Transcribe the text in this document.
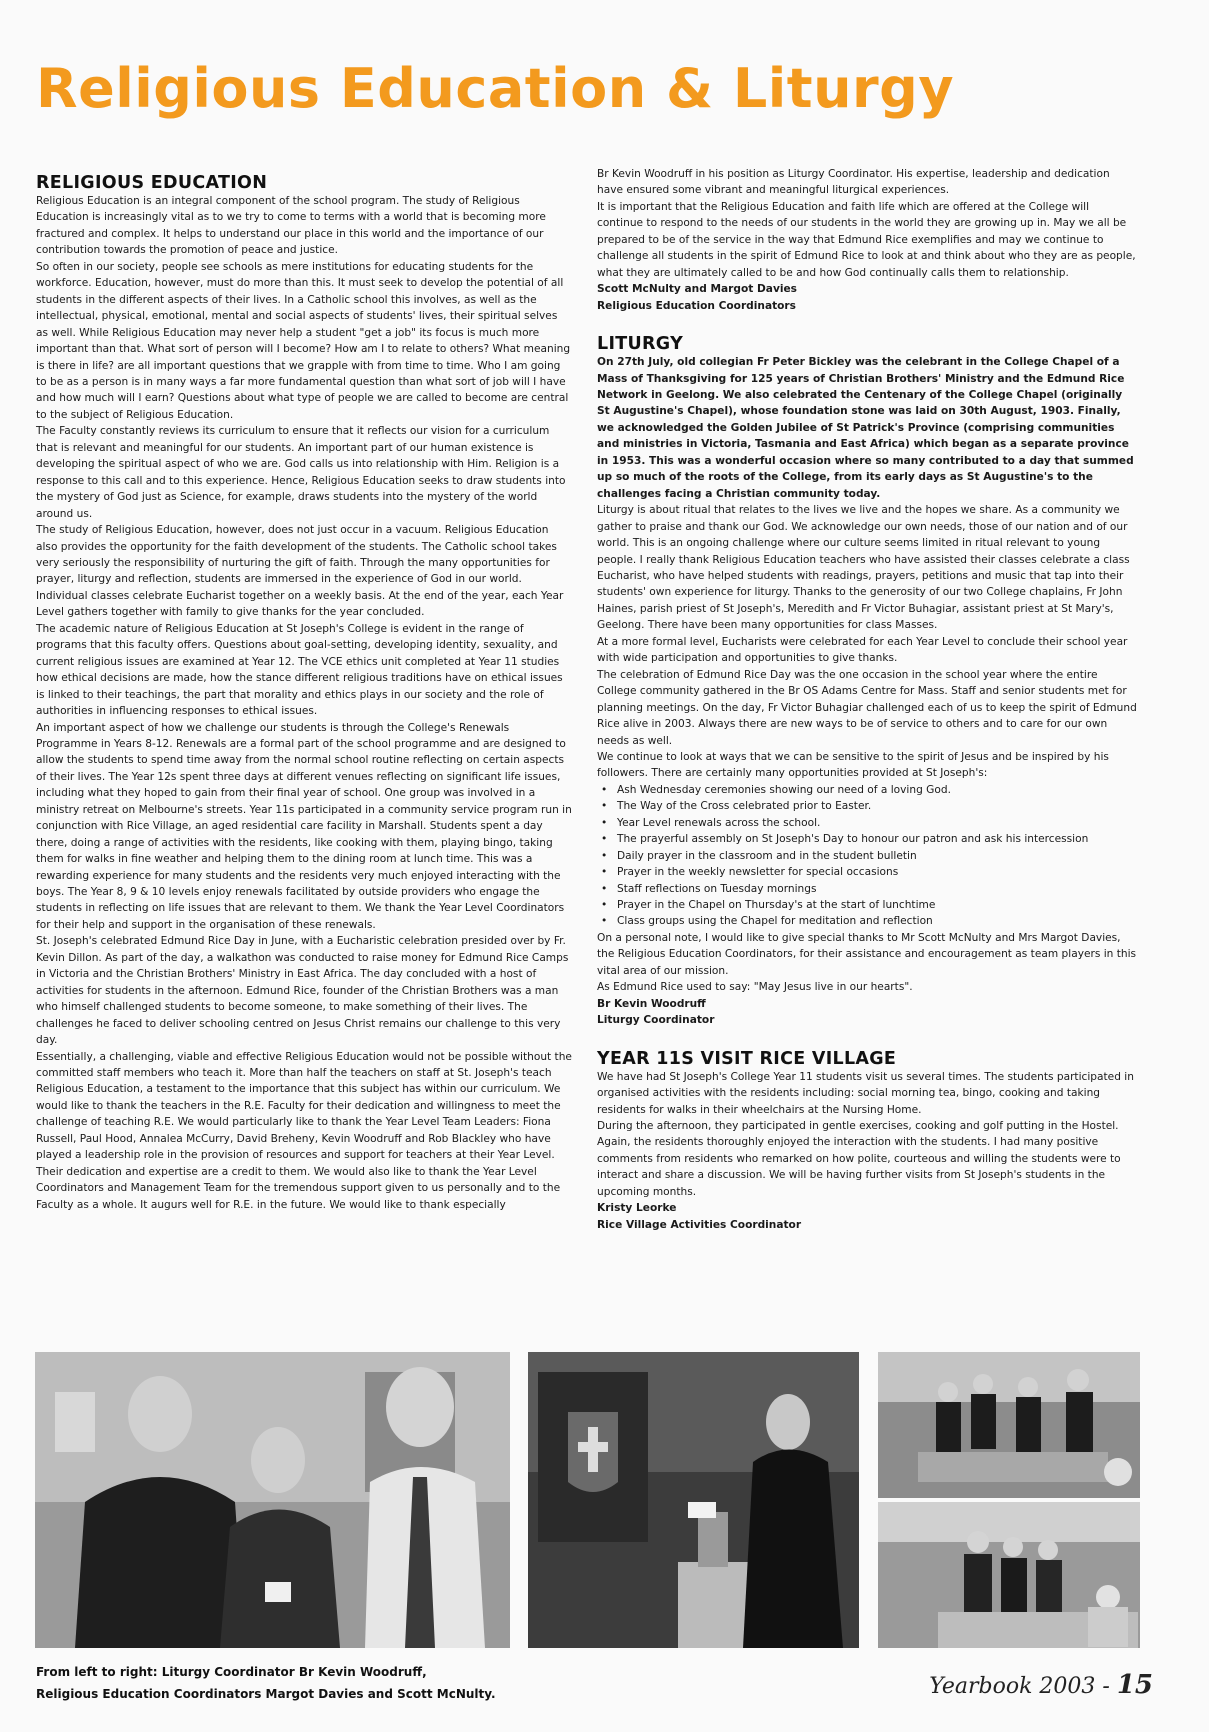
Religious Education & Liturgy
RELIGIOUS EDUCATION

Religious Education is an integral component of the school program. The study of Religious Education is increasingly vital as to we try to come to terms with a world that is becoming more fractured and complex. It helps to understand our place in this world and the importance of our contribution towards the promotion of peace and justice.

So often in our society, people see schools as mere institutions for educating students for the workforce. Education, however, must do more than this. It must seek to develop the potential of all students in the different aspects of their lives. In a Catholic school this involves, as well as the intellectual, physical, emotional, mental and social aspects of students' lives, their spiritual selves as well. While Religious Education may never help a student "get a job" its focus is much more important than that. What sort of person will I become? How am I to relate to others? What meaning is there in life? are all important questions that we grapple with from time to time. Who I am going to be as a person is in many ways a far more fundamental question than what sort of job will I have and how much will I earn? Questions about what type of people we are called to become are central to the subject of Religious Education.

The Faculty constantly reviews its curriculum to ensure that it reflects our vision for a curriculum that is relevant and meaningful for our students. An important part of our human existence is developing the spiritual aspect of who we are. God calls us into relationship with Him. Religion is a response to this call and to this experience. Hence, Religious Education seeks to draw students into the mystery of God just as Science, for example, draws students into the mystery of the world around us.

The study of Religious Education, however, does not just occur in a vacuum. Religious Education also provides the opportunity for the faith development of the students. The Catholic school takes very seriously the responsibility of nurturing the gift of faith. Through the many opportunities for prayer, liturgy and reflection, students are immersed in the experience of God in our world. Individual classes celebrate Eucharist together on a weekly basis. At the end of the year, each Year Level gathers together with family to give thanks for the year concluded.

The academic nature of Religious Education at St Joseph's College is evident in the range of programs that this faculty offers. Questions about goal-setting, developing identity, sexuality, and current religious issues are examined at Year 12. The VCE ethics unit completed at Year 11 studies how ethical decisions are made, how the stance different religious traditions have on ethical issues is linked to their teachings, the part that morality and ethics plays in our society and the role of authorities in influencing responses to ethical issues.

An important aspect of how we challenge our students is through the College's Renewals Programme in Years 8-12. Renewals are a formal part of the school programme and are designed to allow the students to spend time away from the normal school routine reflecting on certain aspects of their lives. The Year 12s spent three days at different venues reflecting on significant life issues, including what they hoped to gain from their final year of school. One group was involved in a ministry retreat on Melbourne's streets. Year 11s participated in a community service program run in conjunction with Rice Village, an aged residential care facility in Marshall. Students spent a day there, doing a range of activities with the residents, like cooking with them, playing bingo, taking them for walks in fine weather and helping them to the dining room at lunch time. This was a rewarding experience for many students and the residents very much enjoyed interacting with the boys. The Year 8, 9 & 10 levels enjoy renewals facilitated by outside providers who engage the students in reflecting on life issues that are relevant to them. We thank the Year Level Coordinators for their help and support in the organisation of these renewals.

St. Joseph's celebrated Edmund Rice Day in June, with a Eucharistic celebration presided over by Fr. Kevin Dillon. As part of the day, a walkathon was conducted to raise money for Edmund Rice Camps in Victoria and the Christian Brothers' Ministry in East Africa. The day concluded with a host of activities for students in the afternoon. Edmund Rice, founder of the Christian Brothers was a man who himself challenged students to become someone, to make something of their lives. The challenges he faced to deliver schooling centred on Jesus Christ remains our challenge to this very day.

Essentially, a challenging, viable and effective Religious Education would not be possible without the committed staff members who teach it. More than half the teachers on staff at St. Joseph's teach Religious Education, a testament to the importance that this subject has within our curriculum. We would like to thank the teachers in the R.E. Faculty for their dedication and willingness to meet the challenge of teaching R.E. We would particularly like to thank the Year Level Team Leaders: Fiona Russell, Paul Hood, Annalea McCurry, David Breheny, Kevin Woodruff and Rob Blackley who have played a leadership role in the provision of resources and support for teachers at their Year Level. Their dedication and expertise are a credit to them. We would also like to thank the Year Level Coordinators and Management Team for the tremendous support given to us personally and to the Faculty as a whole. It augurs well for R.E. in the future. We would like to thank especially

Br Kevin Woodruff in his position as Liturgy Coordinator. His expertise, leadership and dedication have ensured some vibrant and meaningful liturgical experiences.

It is important that the Religious Education and faith life which are offered at the College will continue to respond to the needs of our students in the world they are growing up in. May we all be prepared to be of the service in the way that Edmund Rice exemplifies and may we continue to challenge all students in the spirit of Edmund Rice to look at and think about who they are as people, what they are ultimately called to be and how God continually calls them to relationship.

Scott McNulty and Margot Davies

Religious Education Coordinators

LITURGY

On 27th July, old collegian Fr Peter Bickley was the celebrant in the College Chapel of a Mass of Thanksgiving for 125 years of Christian Brothers' Ministry and the Edmund Rice Network in Geelong. We also celebrated the Centenary of the College Chapel (originally St Augustine's Chapel), whose foundation stone was laid on 30th August, 1903. Finally, we acknowledged the Golden Jubilee of St Patrick's Province (comprising communities and ministries in Victoria, Tasmania and East Africa) which began as a separate province in 1953. This was a wonderful occasion where so many contributed to a day that summed up so much of the roots of the College, from its early days as St Augustine's to the challenges facing a Christian community today.

Liturgy is about ritual that relates to the lives we live and the hopes we share. As a community we gather to praise and thank our God. We acknowledge our own needs, those of our nation and of our world. This is an ongoing challenge where our culture seems limited in ritual relevant to young people. I really thank Religious Education teachers who have assisted their classes celebrate a class Eucharist, who have helped students with readings, prayers, petitions and music that tap into their students' own experience for liturgy. Thanks to the generosity of our two College chaplains, Fr John Haines, parish priest of St Joseph's, Meredith and Fr Victor Buhagiar, assistant priest at St Mary's, Geelong. There have been many opportunities for class Masses.

At a more formal level, Eucharists were celebrated for each Year Level to conclude their school year with wide participation and opportunities to give thanks.

The celebration of Edmund Rice Day was the one occasion in the school year where the entire College community gathered in the Br OS Adams Centre for Mass. Staff and senior students met for planning meetings. On the day, Fr Victor Buhagiar challenged each of us to keep the spirit of Edmund Rice alive in 2003. Always there are new ways to be of service to others and to care for our own needs as well.

We continue to look at ways that we can be sensitive to the spirit of Jesus and be inspired by his followers. There are certainly many opportunities provided at St Joseph's:

• Ash Wednesday ceremonies showing our need of a loving God.
• The Way of the Cross celebrated prior to Easter.
• Year Level renewals across the school.
• The prayerful assembly on St Joseph's Day to honour our patron and ask his intercession
• Daily prayer in the classroom and in the student bulletin
• Prayer in the weekly newsletter for special occasions
• Staff reflections on Tuesday mornings
• Prayer in the Chapel on Thursday's at the start of lunchtime
• Class groups using the Chapel for meditation and reflection

On a personal note, I would like to give special thanks to Mr Scott McNulty and Mrs Margot Davies, the Religious Education Coordinators, for their assistance and encouragement as team players in this vital area of our mission.

As Edmund Rice used to say: "May Jesus live in our hearts".

Br Kevin Woodruff

Liturgy Coordinator

YEAR 11S VISIT RICE VILLAGE

We have had St Joseph's College Year 11 students visit us several times. The students participated in organised activities with the residents including: social morning tea, bingo, cooking and taking residents for walks in their wheelchairs at the Nursing Home.

During the afternoon, they participated in gentle exercises, cooking and golf putting in the Hostel. Again, the residents thoroughly enjoyed the interaction with the students. I had many positive comments from residents who remarked on how polite, courteous and willing the students were to interact and share a discussion. We will be having further visits from St Joseph's students in the upcoming months.

Kristy Leorke

Rice Village Activities Coordinator

From left to right: Liturgy Coordinator Br Kevin Woodruff,
Religious Education Coordinators Margot Davies and Scott McNulty.	Yearbook 2003 - 15
